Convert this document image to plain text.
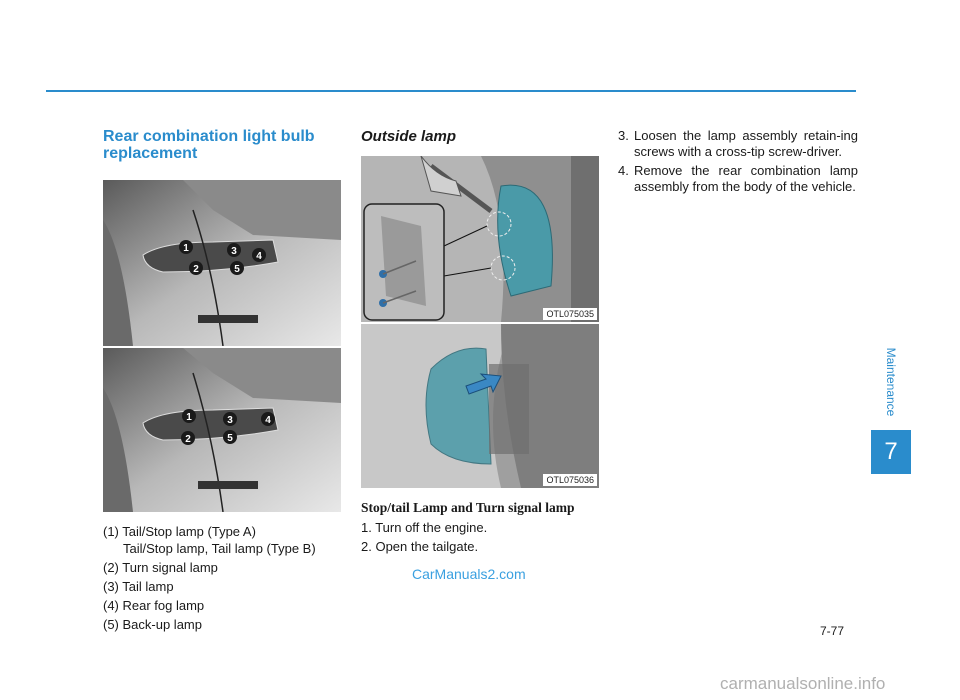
Rear combination light bulb replacement
1
2
3 4
5
1
2
3	4
5
(1) Tail/Stop lamp (Type A)
Tail/Stop lamp, Tail lamp (Type B)
(2) Turn signal lamp
(3) Tail lamp
(4) Rear fog lamp
(5) Back-up lamp
Outside lamp
OTL075035
OTL075036
Stop/tail Lamp and Turn signal lamp
1. Turn off the engine.
2. Open the tailgate.
3. Loosen the lamp assembly retain-ing screws with a cross-tip screw-driver.
4. Remove the rear combination lamp assembly from the body of the vehicle.
Maintenance
7
7-77
CarManuals2.com
carmanualsonline.info
